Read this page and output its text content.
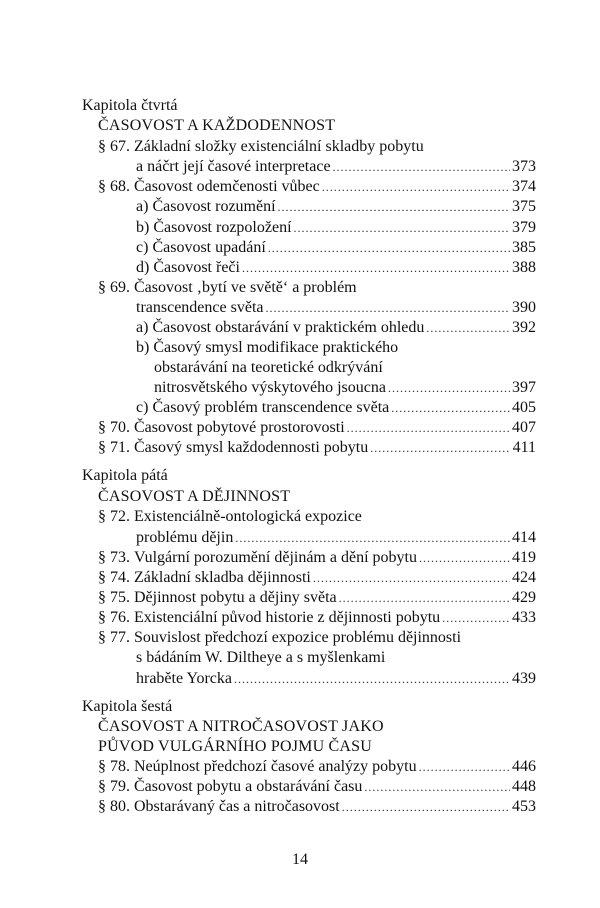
Kapitola čtvrtá
ČASOVOST A KAŽDODENNOST
§ 67. Základní složky existenciální skladby pobytu
a náčrt její časové interpretace .....	373
§ 68.
Časovost odemčenosti vůbec .....	374
a)
Časovost rozumění .....	375
b)
Časovost rozpoložení .....	379
c)
Časovost upadání .....	385
d)
Časovost řeči .....	388
§ 69. Časovost ‚bytí ve světě‘ a problém
transcendence světa .....	390
a)
Časovost obstarávání v praktickém ohledu .....	392
b) Časový smysl modifikace praktického
obstarávání na teoretické odkrývání
nitrosvětského výskytového jsoucna .....	397
c)
Časový problém transcendence světa .....	405
§ 70.
Časovost pobytové prostorovosti .....	407
§ 71.
Časový smysl každodennosti pobytu .....	411
Kapitola pátá
ČASOVOST A DĚJINNOST
§ 72. Existenciálně-ontologická expozice
problému dějin .....	414
§ 73.
Vulgární porozumění dějinám a dění pobytu .....	419
§ 74.
Základní skladba dějinnosti .....	424
§ 75.
Dějinnost pobytu a dějiny světa .....	429
§ 76.
Existenciální původ historie z dějinnosti pobytu .....	433
§ 77. Souvislost předchozí expozice problému dějinnosti
s bádáním W. Diltheye a s myšlenkami
hraběte Yorcka .....	439
Kapitola šestá
ČASOVOST A NITROČASOVOST JAKO
PŮVOD VULGÁRNÍHO POJMU ČASU
§ 78.
Neúplnost předchozí časové analýzy pobytu .....	446
§ 79.
Časovost pobytu a obstarávání času .....	448
§ 80.
Obstarávaný čas a nitročasovost .....	453
14
